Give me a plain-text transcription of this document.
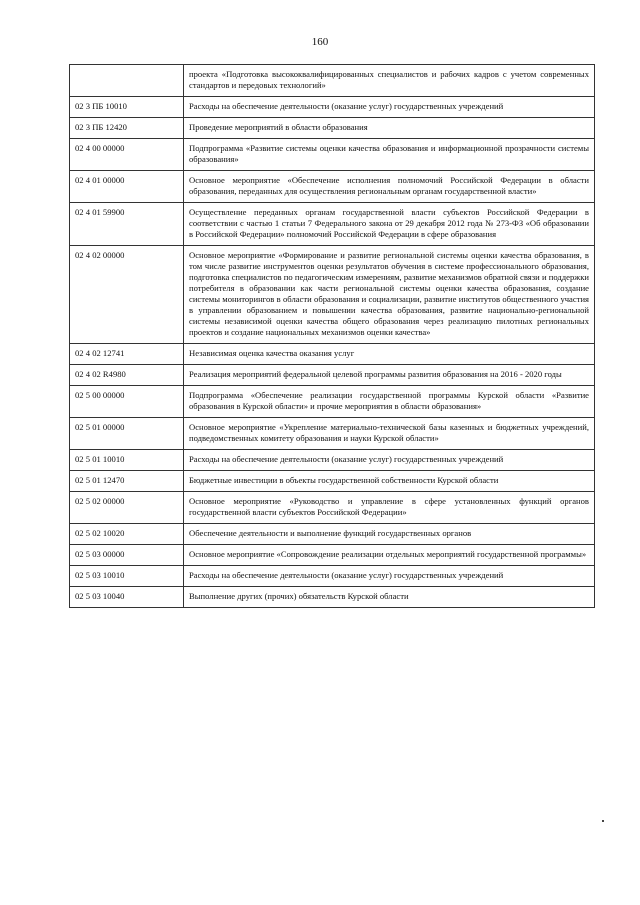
160
	проекта «Подготовка высококвалифицированных специалистов и рабочих кадров с учетом современных стандартов и передовых технологий»
02 3 ПБ 10010	Расходы на обеспечение деятельности (оказание услуг) государственных учреждений
02 3 ПБ 12420	Проведение мероприятий в области образования
02 4 00 00000	Подпрограмма «Развитие системы оценки качества образования и информационной прозрачности системы образования»
02 4 01 00000	Основное мероприятие «Обеспечение исполнения полномочий Российской Федерации в области образования, переданных для осуществления региональным органам государственной власти»
02 4 01 59900	Осуществление переданных органам государственной власти субъектов Российской Федерации в соответствии с частью 1 статьи 7 Федерального закона от 29 декабря 2012 года № 273-ФЗ «Об образовании в Российской Федерации» полномочий Российской Федерации в сфере образования
02 4 02 00000	Основное мероприятие «Формирование и развитие региональной системы оценки качества образования, в том числе развитие инструментов оценки результатов обучения в системе профессионального образования, подготовка специалистов по педагогическим измерениям, развитие механизмов обратной связи и поддержки потребителя в образовании как части региональной системы оценки качества образования, создание системы мониторингов в области образования и социализации, развитие институтов общественного участия в управлении образованием и повышении качества образования, развитие национально-региональной системы независимой оценки качества общего образования через реализацию пилотных региональных проектов и создание национальных механизмов оценки качества»
02 4 02 12741	Независимая оценка качества оказания услуг
02 4 02 R4980	Реализация мероприятий федеральной целевой программы развития образования на 2016 - 2020 годы
02 5 00 00000	Подпрограмма «Обеспечение реализации государственной программы Курской области «Развитие образования в Курской области» и прочие мероприятия в области образования»
02 5 01 00000	Основное мероприятие «Укрепление материально-технической базы казенных и бюджетных учреждений, подведомственных комитету образования и науки Курской области»
02 5 01 10010	Расходы на обеспечение деятельности (оказание услуг) государственных учреждений
02 5 01 12470	Бюджетные инвестиции в объекты государственной собственности Курской области
02 5 02 00000	Основное мероприятие «Руководство и управление в сфере установленных функций органов государственной власти субъектов Российской Федерации»
02 5 02 10020	Обеспечение деятельности и выполнение функций государственных органов
02 5 03 00000	Основное мероприятие «Сопровождение реализации отдельных мероприятий государственной программы»
02 5 03 10010	Расходы на обеспечение деятельности (оказание услуг) государственных учреждений
02 5 03 10040	Выполнение других (прочих) обязательств Курской области
